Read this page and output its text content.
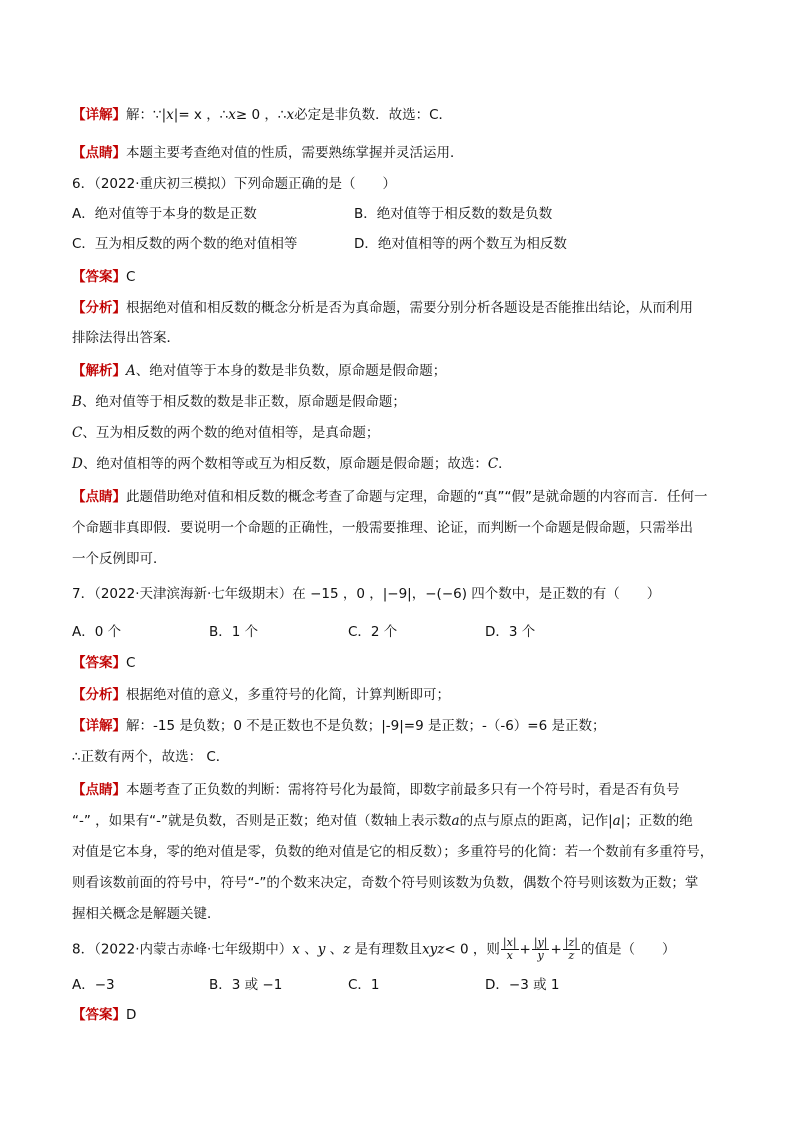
【详解】解：∵|x|= x ，∴x≥ 0 ，∴x必定是非负数．故选：C．
【点睛】本题主要考查绝对值的性质，需要熟练掌握并灵活运用．
6．（2022·重庆初三模拟）下列命题正确的是（　　）
A．绝对值等于本身的数是正数	B．绝对值等于相反数的数是负数
C．互为相反数的两个数的绝对值相等	D．绝对值相等的两个数互为相反数
【答案】C
【分析】根据绝对值和相反数的概念分析是否为真命题，需要分别分析各题设是否能推出结论，从而利用
排除法得出答案．
【解析】A、绝对值等于本身的数是非负数，原命题是假命题；
B、绝对值等于相反数的数是非正数，原命题是假命题；
C、互为相反数的两个数的绝对值相等，是真命题；
D、绝对值相等的两个数相等或互为相反数，原命题是假命题；故选：C．
【点睛】此题借助绝对值和相反数的概念考查了命题与定理，命题的“真”“假”是就命题的内容而言．任何一
个命题非真即假．要说明一个命题的正确性，一般需要推理、论证，而判断一个命题是假命题，只需举出
一个反例即可．
7．（2022·天津滨海新·七年级期末）在 −15 ，0 ，|−9|，−(−6) 四个数中，是正数的有（　　）
A．0 个	B．1 个	C．2 个	D．3 个
【答案】C
【分析】根据绝对值的意义，多重符号的化简，计算判断即可；
【详解】解：-15 是负数；0 不是正数也不是负数；|-9|=9 是正数；-（-6）=6 是正数；
∴正数有两个，故选： C．
【点睛】本题考查了正负数的判断：需将符号化为最简，即数字前最多只有一个符号时，看是否有负号
“-” ，如果有“-”就是负数，否则是正数；绝对值（数轴上表示数a的点与原点的距离，记作|a|；正数的绝
对值是它本身，零的绝对值是零，负数的绝对值是它的相反数）；多重符号的化简：若一个数前有多重符号，
则看该数前面的符号中，符号“-”的个数来决定，奇数个符号则该数为负数，偶数个符号则该数为正数；掌
握相关概念是解题关键．
8．（2022·内蒙古赤峰·七年级期中）x 、y 、z 是有理数且xyz< 0 ，则 $\frac{|x|}{x} + \frac{|y|}{y} + \frac{|z|}{z}$ 的值是（　　）
A．−3	B．3 或 −1	C．1	D．−3 或 1
【答案】D
